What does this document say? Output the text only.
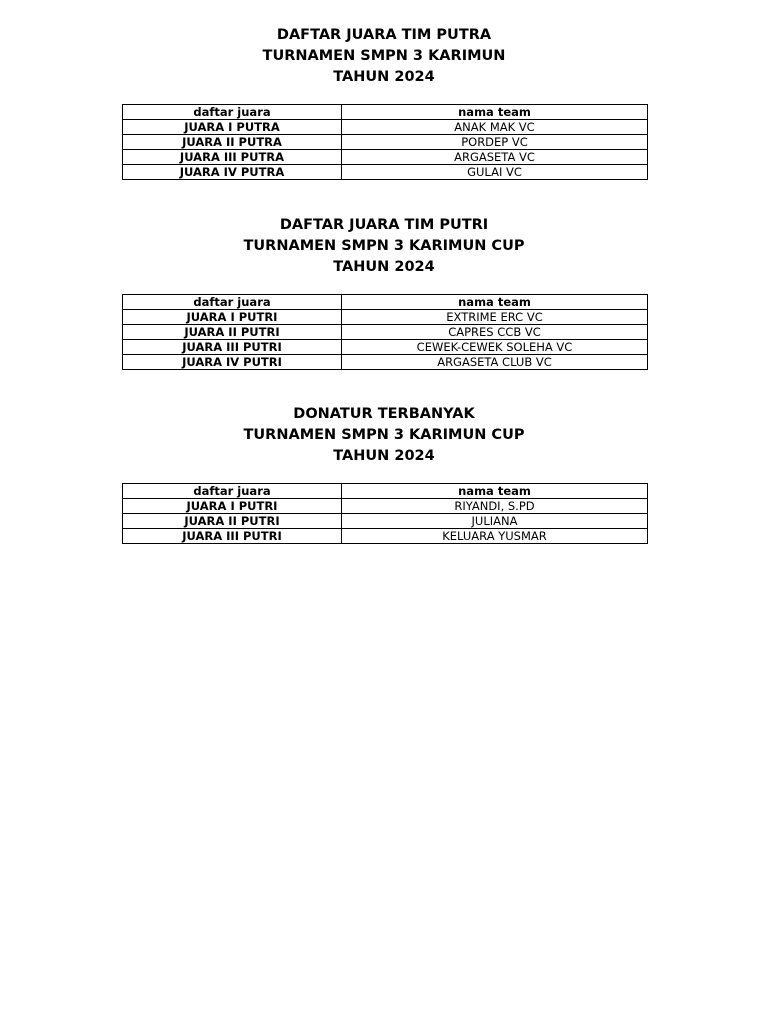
DAFTAR JUARA TIM PUTRA

TURNAMEN SMPN 3 KARIMUN

TAHUN 2024

daftar juara	nama team
JUARA I PUTRA	ANAK MAK VC
JUARA II PUTRA	PORDEP VC
JUARA III PUTRA	ARGASETA VC
JUARA IV PUTRA	GULAI VC

DAFTAR JUARA TIM PUTRI

TURNAMEN SMPN 3 KARIMUN CUP

TAHUN 2024

daftar juara	nama team
JUARA I PUTRI	EXTRIME ERC VC
JUARA II PUTRI	CAPRES CCB VC
JUARA III PUTRI	CEWEK-CEWEK SOLEHA VC
JUARA IV PUTRI	ARGASETA CLUB VC

DONATUR TERBANYAK

TURNAMEN SMPN 3 KARIMUN CUP

TAHUN 2024

daftar juara	nama team
JUARA I PUTRI	RIYANDI, S.PD
JUARA II PUTRI	JULIANA
JUARA III PUTRI	KELUARA YUSMAR
